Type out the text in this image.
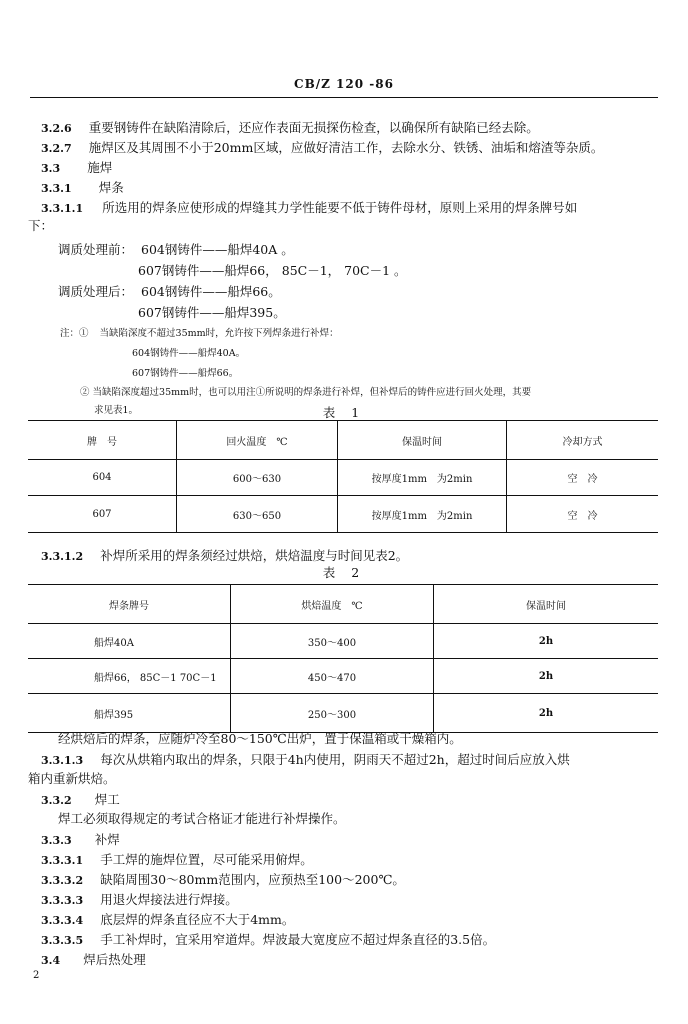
CB/Z 120 -86
3.2.6 重要钢铸件在缺陷清除后，还应作表面无损探伤检查，以确保所有缺陷已经去除。
3.2.7 施焊区及其周围不小于20mm区域，应做好清洁工作，去除水分、铁锈、油垢和熔渣等杂质。
3.3 施焊
3.3.1 焊条
3.3.1.1 所选用的焊条应使形成的焊缝其力学性能要不低于铸件母材，原则上采用的焊条牌号如
下：
调质处理前： 604钢铸件——船焊40A 。
607钢铸件——船焊66， 85C－1， 70C－1 。
调质处理后： 604钢铸件——船焊66。
607钢铸件——船焊395。
注：① 当缺陷深度不超过35mm时，允许按下列焊条进行补焊：
604钢铸件——船焊40A。
607钢铸件——船焊66。
② 当缺陷深度超过35mm时，也可以用注①所说明的焊条进行补焊，但补焊后的铸件应进行回火处理，其要
求见表1。	表 1
牌　号	回火温度　℃	保温时间	冷却方式
604	600～630	按厚度1mm　为2min	空　冷
607	630～650	按厚度1mm　为2min	空　冷
3.3.1.2 补焊所采用的焊条须经过烘焙，烘焙温度与时间见表2。
表 2
焊条牌号	烘焙温度　℃	保温时间
船焊40A	350～400	2h
船焊66， 85C－1 70C－1	450～470	2h
船焊395	250～300	2h
经烘焙后的焊条，应随炉冷至80～150℃出炉，置于保温箱或干燥箱内。
3.3.1.3 每次从烘箱内取出的焊条，只限于4h内使用，阴雨天不超过2h，超过时间后应放入烘
箱内重新烘焙。
3.3.2 焊工
焊工必须取得规定的考试合格证才能进行补焊操作。
3.3.3 补焊
3.3.3.1 手工焊的施焊位置，尽可能采用俯焊。
3.3.3.2 缺陷周围30～80mm范围内，应预热至100～200℃。
3.3.3.3 用退火焊接法进行焊接。
3.3.3.4 底层焊的焊条直径应不大于4mm。
3.3.3.5 手工补焊时，宜采用窄道焊。焊波最大宽度应不超过焊条直径的3.5倍。
3.4 焊后热处理
2
